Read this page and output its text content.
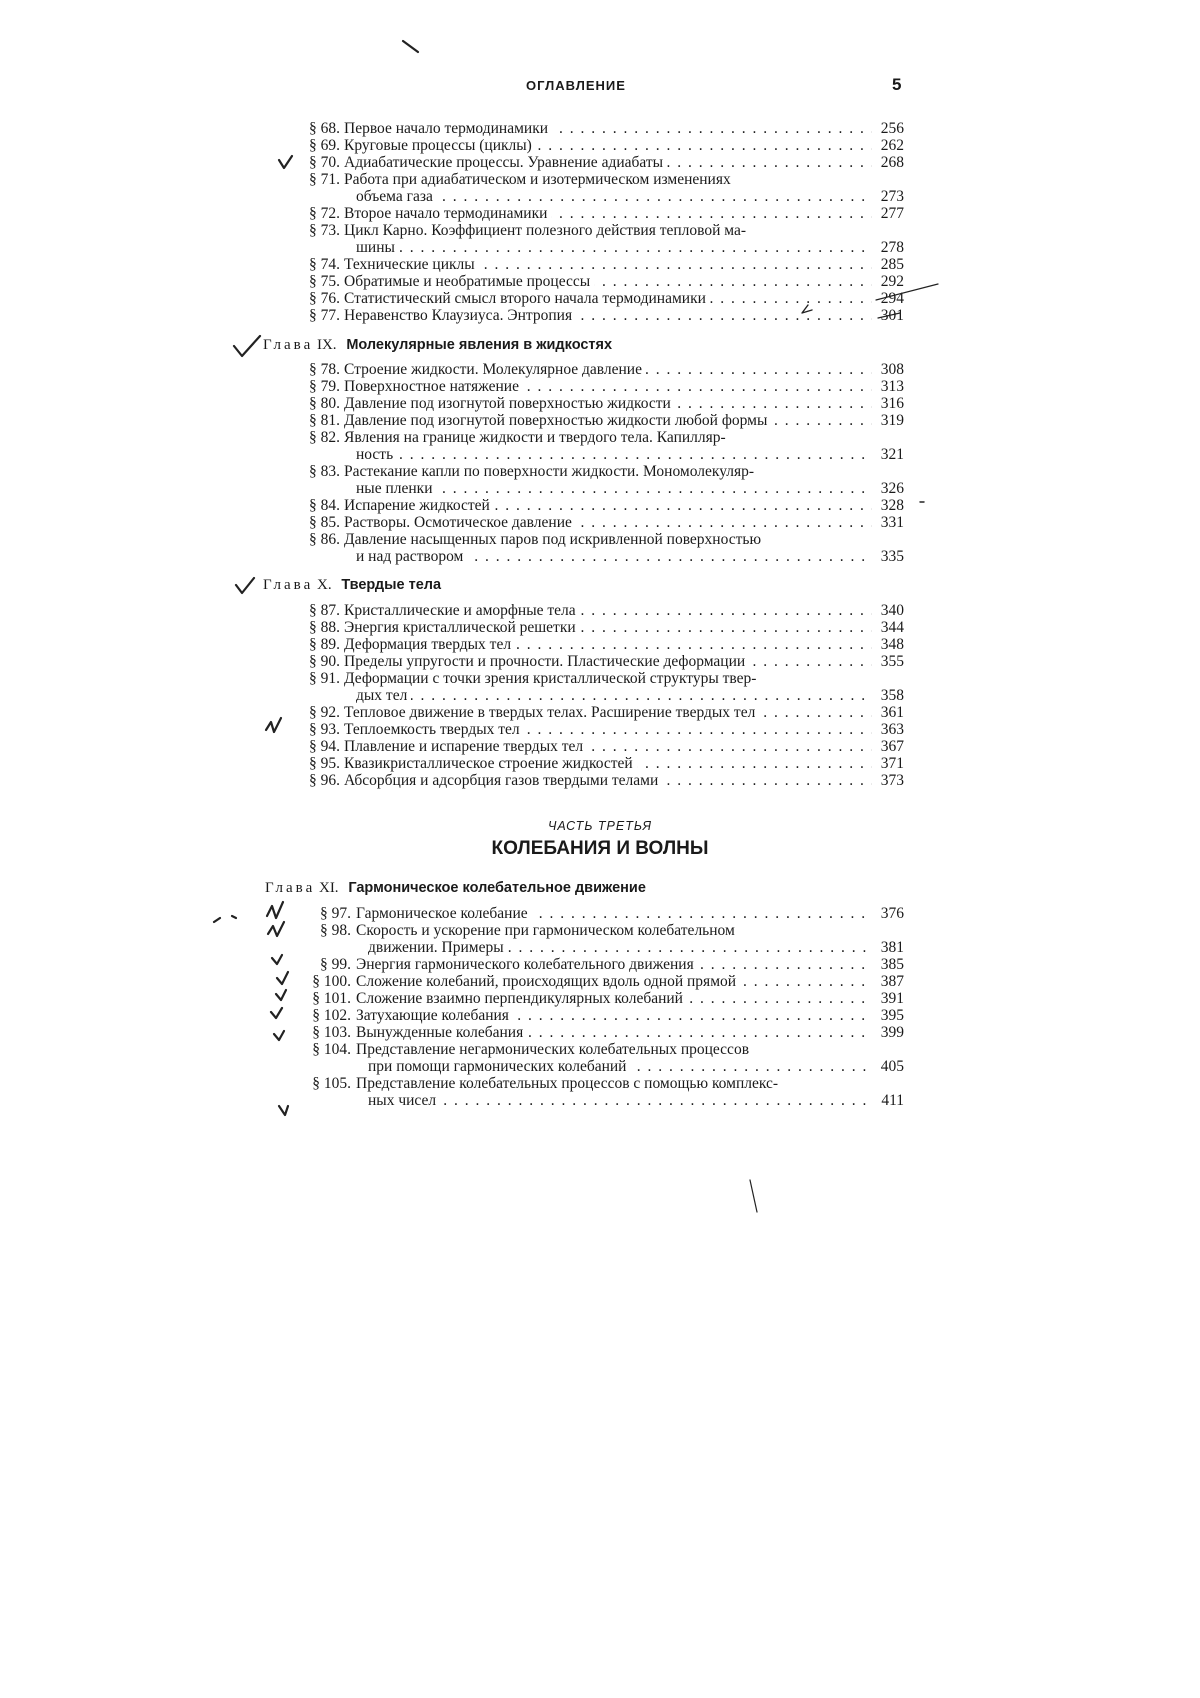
ОГЛАВЛЕНИЕ	5
§ 68. Первое начало термодинамики . . .	256
§ 69. Круговые процессы (циклы) . . .	262
§ 70. Адиабатические процессы. Уравнение адиабаты . . .	268
§ 71. Работа при адиабатическом и изотермическом изменениях
объема газа . . .	273
§ 72. Второе начало термодинамики . . .	277
§ 73. Цикл Карно. Коэффициент полезного действия тепловой ма-
шины . . .	278
§ 74. Технические циклы . . .	285
§ 75. Обратимые и необратимые процессы . . .	292
§ 76. Статистический смысл второго начала термодинамики . . .	294
§ 77. Неравенство Клаузиуса. Энтропия . . .	301
§ 78. Строение жидкости. Молекулярное давление . . .	308
§ 79. Поверхностное натяжение . . .	313
§ 80. Давление под изогнутой поверхностью жидкости . . .	316
§ 81. Давление под изогнутой поверхностью жидкости любой формы . . .	319
§ 82. Явления на границе жидкости и твердого тела. Капилляр-
ность . . .	321
§ 83. Растекание капли по поверхности жидкости. Мономолекуляр-
ные пленки . . .	326
§ 84. Испарение жидкостей . . .	328
§ 85. Растворы. Осмотическое давление . . .	331
§ 86. Давление насыщенных паров под искривленной поверхностью
и над раствором . . .	335
§ 87. Кристаллические и аморфные тела . . .	340
§ 88. Энергия кристаллической решетки . . .	344
§ 89. Деформация твердых тел . . .	348
§ 90. Пределы упругости и прочности. Пластические деформации . . .	355
§ 91. Деформации с точки зрения кристаллической структуры твер-
дых тел . . .	358
§ 92. Тепловое движение в твердых телах. Расширение твердых тел . . .	361
§ 93. Теплоемкость твердых тел . . .	363
§ 94. Плавление и испарение твердых тел . . .	367
§ 95. Квазикристаллическое строение жидкостей . . .	371
§ 96. Абсорбция и адсорбция газов твердыми телами . . .	373
§ 97. Гармоническое колебание . . .	376
§ 98. Скорость и ускорение при гармоническом колебательном
движении. Примеры . . .	381
§ 99. Энергия гармонического колебательного движения . . .	385
§ 100. Сложение колебаний, происходящих вдоль одной прямой . . .	387
§ 101. Сложение взаимно перпендикулярных колебаний . . .	391
§ 102. Затухающие колебания . . .	395
§ 103. Вынужденные колебания . . .	399
§ 104. Представление негармонических колебательных процессов
при помощи гармонических колебаний . . .	405
§ 105. Представление колебательных процессов с помощью комплекс-
ных чисел . . .	411
Глава IX. Молекулярные явления в жидкостях
Глава X. Твердые тела
ЧАСТЬ ТРЕТЬЯ
КОЛЕБАНИЯ И ВОЛНЫ
Глава XI. Гармоническое колебательное движение
